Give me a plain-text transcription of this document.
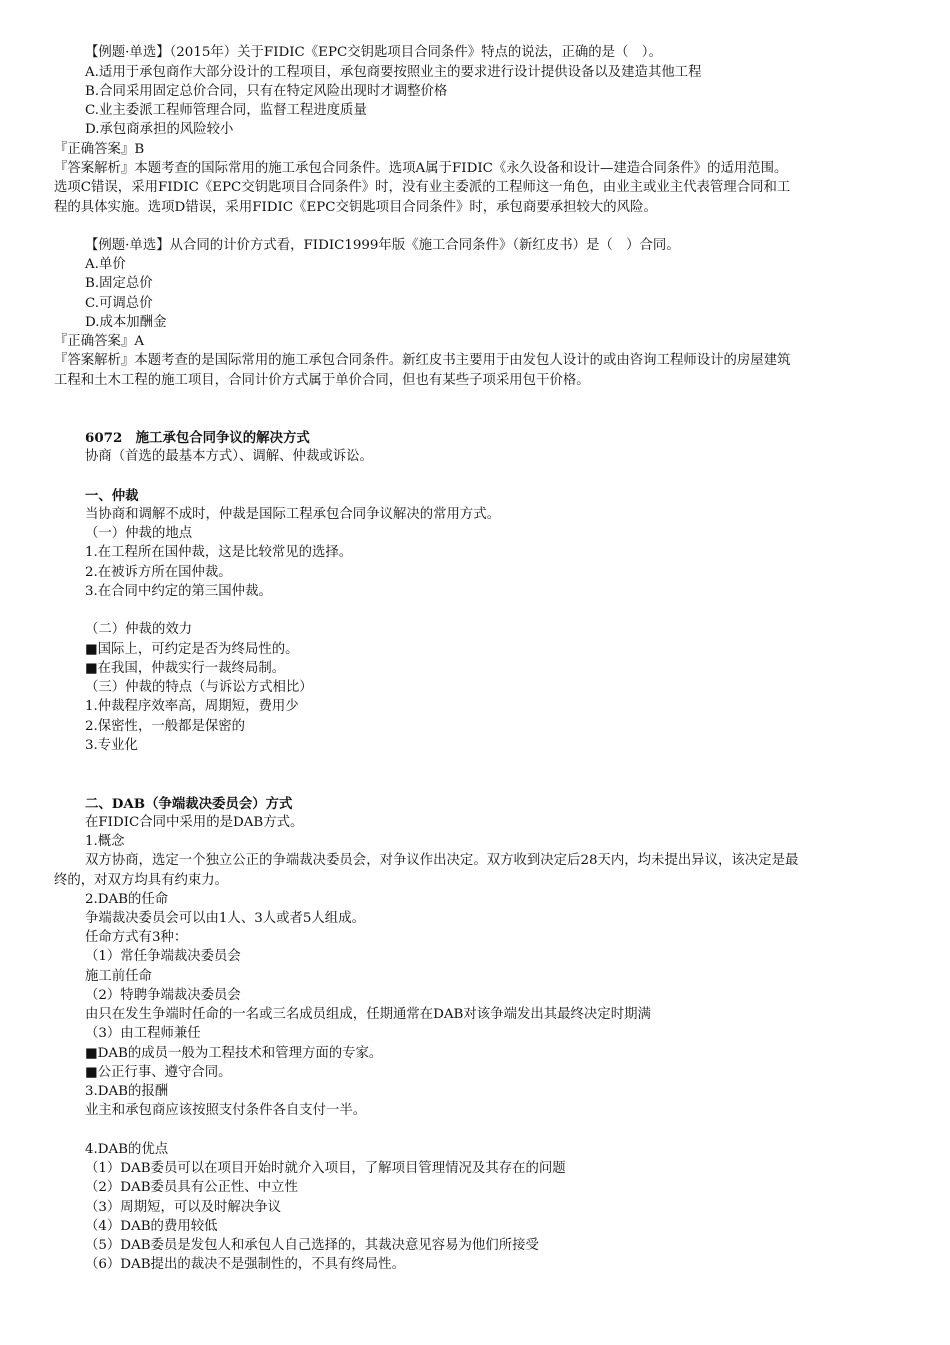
【例题·单选】（2015年）关于FIDIC《EPC交钥匙项目合同条件》特点的说法，正确的是（　）。

A.适用于承包商作大部分设计的工程项目，承包商要按照业主的要求进行设计提供设备以及建造其他工程

B.合同采用固定总价合同，只有在特定风险出现时才调整价格

C.业主委派工程师管理合同，监督工程进度质量

D.承包商承担的风险较小

『正确答案』B

『答案解析』本题考查的国际常用的施工承包合同条件。选项A属于FIDIC《永久设备和设计—建造合同条件》的适用范围。

选项C错误，采用FIDIC《EPC交钥匙项目合同条件》时，没有业主委派的工程师这一角色，由业主或业主代表管理合同和工

程的具体实施。选项D错误，采用FIDIC《EPC交钥匙项目合同条件》时，承包商要承担较大的风险。

【例题·单选】从合同的计价方式看，FIDIC1999年版《施工合同条件》（新红皮书）是（　）合同。

A.单价

B.固定总价

C.可调总价

D.成本加酬金

『正确答案』A

『答案解析』本题考查的是国际常用的施工承包合同条件。新红皮书主要用于由发包人设计的或由咨询工程师设计的房屋建筑

工程和土木工程的施工项目，合同计价方式属于单价合同，但也有某些子项采用包干价格。

6072　施工承包合同争议的解决方式

协商（首选的最基本方式）、调解、仲裁或诉讼。

一、仲裁

当协商和调解不成时，仲裁是国际工程承包合同争议解决的常用方式。

（一）仲裁的地点

1.在工程所在国仲裁，这是比较常见的选择。

2.在被诉方所在国仲裁。

3.在合同中约定的第三国仲裁。

（二）仲裁的效力

■国际上，可约定是否为终局性的。

■在我国，仲裁实行一裁终局制。

（三）仲裁的特点（与诉讼方式相比）

1.仲裁程序效率高，周期短，费用少

2.保密性，一般都是保密的

3.专业化

二、DAB（争端裁决委员会）方式

在FIDIC合同中采用的是DAB方式。

1.概念

双方协商，选定一个独立公正的争端裁决委员会，对争议作出决定。双方收到决定后28天内，均未提出异议，该决定是最

终的，对双方均具有约束力。

2.DAB的任命

争端裁决委员会可以由1人、3人或者5人组成。

任命方式有3种：

（1）常任争端裁决委员会

施工前任命

（2）特聘争端裁决委员会

由只在发生争端时任命的一名或三名成员组成，任期通常在DAB对该争端发出其最终决定时期满

（3）由工程师兼任

■DAB的成员一般为工程技术和管理方面的专家。

■公正行事、遵守合同。

3.DAB的报酬

业主和承包商应该按照支付条件各自支付一半。

4.DAB的优点

（1）DAB委员可以在项目开始时就介入项目，了解项目管理情况及其存在的问题

（2）DAB委员具有公正性、中立性

（3）周期短，可以及时解决争议

（4）DAB的费用较低

（5）DAB委员是发包人和承包人自己选择的，其裁决意见容易为他们所接受

（6）DAB提出的裁决不是强制性的，不具有终局性。
